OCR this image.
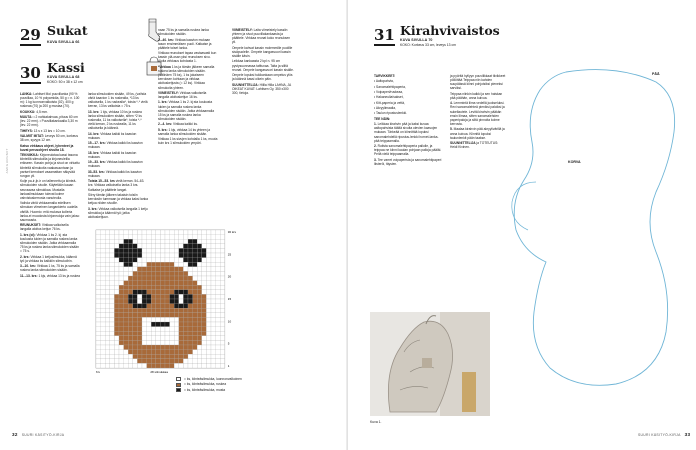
AMIGURUMIT
29 Sukat
KUVA SIVULLA 66
30 Kassi
KUVA SIVULLA 68
KOKO: 50 x 38 x 12 cm
LANKA: Lahtiset Moi puuvillanka (90 % puuvillaa, 10 % polyamidia, 50 g = n. 100 m): 1 kg luonnonvalkoista (02), 400 g ruskeaa (70) ja 200 g mustaa (70).
KOUKKU: 4,5 mm.
MUUTA: • 2 nahkakahvaa, pituus 60 cm (lev. 22 mm). • Puuvillakankaalla 3,30 m (lev. 22 mm).
TIHEYS: 13 s x 13 krs = 10 cm.
VALMIIT MITAT: Leveys 50 cm, korkeus 38 cm, syvyys 12 cm.
Katso virkkaus ohjeet, lyhenteet ja kuvat perusohjeet sivulta 18.
TEKNIIKKA: Kirjoneulotaa kassi tasona kiinteillä silmukoilla ja kirjoneuleilla erikseen. Kassin pohja ja sivut on virkattu kiinteitä silmukoita vaakasuuntaan ja pariset kerrokset vaaamattan näkyvää rungon yli.
Kulje pa-ir-jir-ir on tallennettu ja kiinteä-silmukoiden sivulle. Käytetään kauan seuraavaa silmukkaa. Mustalla lankasilmukkaan tulevat kolme vahvistuskerrosta vanuteolla.
Vaihda väriä virkkaamalla edellisen silmukan viimeinen langankierto uudella värillä. Huomio: eriä mukava kolleria lanka-ei muodosta kirjoneuloja vain jakso saumausta.
REUNUKSET: Virkkaa valkoisella langalla aloitus ketjun 76 ks.
1. krs (oi): Virkkaa 1 ks 2. kj :sta koukusta lukien ja samalla ruskea lanka silmukoiden sisään. Jatka virkkaamalla 75 ks ja ruskea lanka silmukoiden sisään = 75 s.
2. krs: Virkkaa 1 ketjusilmukka, käännä työ ja virkkaa ks kaikkiin silmukoihin.
3.–10. krs: Virkkaa 1 ks, 75 ks ja samalla ruskea lanka silmukoiden sisään.
11.–13. krs: 1 kjs, virkkaa 13 ks ja ruskea
lanka silmukoiden sisään, 49 ks, (vaihda väriä kaavion 1 ks ruskealla, *13 ks valkoisella, 1 ks ruskealla*, toista *-* vielä kerran, 13 ks valkoista = 75 s.
13. krs: 1 kjs, virkkaa 10 ks ja ruskea lanka silmukoiden sisään, sitten *2 ks ruskealla, 11 ks valkoisella*, toista *-* vielä kerran, 2 ks ruskealla, 11 ks valkoisella ja käännä.
14. krs: Virkkaa kaikki ks kaavion mukaan.
15.–17. krs: Virkkaa kaikki ks kaavion mukaan.
18. krs: Virkkaa kaikki ks kaavion mukaan.
19.–33. krs: Virkkaa kaikki ks kaavion mukaan.
33–53. krs: Virkkaa kaikki ks kaavion mukaan.
Toista 15.–53. krs vielä kerran. 54–63. krs: Virkkaa valkoisella lanka 3 krs. Katkaise ja päättele langat.
Siirry tämän jälkeen takaisin toisiin kerroksiin tummaan ja virkkaa kaksi lanka ketjua niiden sivuille.
3. krs: Virkkaa valkoisella langalla 1 ketju silmukka ja käännä työ; jatka aloitusketjuun.
naan 75 ks ja samalla ruskea lanka silmukoiden sisään.
2.–40. krs: Virkkaa kaavion mukaan tason ensimmäisen puoli. Katkaise ja päättele toiset lanka.
Virkkaa reunukset tapaa vastaavasti kun kassin ylä-osan yksi reunuksen sivu. Aloita virkkaus kohdasta 1.
*Virkkaa 1 ks ja tämän jälkeen samalla ruskea lanka silmukoiden sisään. (Välinäen 75 ks), 1 ks jokaiseen kerroksen kohtaan ja virkkaa aloitusketjusta (= 12 ks). Virkkaa silmukoita yhteen.
VIIMEISTELY: Virkkaa valkoisella langalla aloitusketjun 16 ks.
1. krs: Virkkaa 1 ks 2. kj:sta koukusta lukien ja samalla ruskea lanka silmukoiden sisään. Jatka virkkaamalla 15 ks ja samalla ruskea lanka silmukoiden sisään.
2.–4. krs: Virkkaa kaikki ks.
5. krs: 1 kjs, virkkaa 14 ks yhteen ja samalla lanka silmukoiden sisään.
Virkkaa 1 ks sivujen kohdalla 1 ks, muuta kuin krs 1 silmukoiden ympäri.
VIIMEISTELY: Laita viimeistely kassiin yhteen ja sivut puuvillakankaasta ja päättele. Virkkaa reunat koko reunuksen yli.
Ompele kahvat kassin molemmille puolille sisäpuolelle. Ompele kangasvuori kassin sisälle käsin.
Leikkaa kankaasta 2 kpl n. 95 cm pystysuunnassa taittuvaa. Taita ja silitä reunat. Ompele kangasvuori kassin sisälle.
Ompele lopuksi tukikankaan ompelus ylös ja käännä kassi oikein päin.
SUUNNITTELIJA: Hiilla Hilla LAHNA, JA OIKEAT KUVAT: Lahtisen Oy, 350 x300 300, tietoja.
30 krs
25
20
15
10
5
1
6 k	28 silmukkaa
= ks, kiinteäsilmukka, luonnonvalkoinen
= ks, kiinteäsilmukka, ruskea
= ks, kiinteäsilmukka, musta
32 SUURI KÄSITYÖ-KIRJA
31 Kirahvivaistos
KUVA SIVULLA 70
KOKO: Korkeus 33 cm, leveys 13 cm
TARVIKKEET:
• Aaltopahvia,
• Sanomalehtipaperia,
• Voipaperi/ruskeaa,
• Hakaneulia/sakset,
• Kitt-paperia ja vettä,
• Akryylimaalia,
• Taulun ripustuslenkki.
TEE NÄIN:
1. Leikkaa kirahvin pää ja kaksi kuvaa aaltopahvista täältä sivulta olevien kaavojen mukaan. Tärkeää on kiinnittää lopuksi sanomalehdellä ripustus-lenkki hornet-lanka-pää teippaamalla.
2. Rutista sanomalehtipaperia pallolle, ja teippaa ne kiinni kaulan pohjaan palloja pääläi. Peitä vielä teippaamalla.
3. Tee varret voipaperista ja sanomalehtipaperi liisteröi, täysien.
ja pyöritä hyllyyn pouvilikkaat tiivikkeet pöllöttää Teippaa niin kahden suupäässä kiinni pohjoisiksi pieneksi sarviksi.
Teippaa niinkin kaikki ja sen haiskan pää päähän, anna kuivua.
4. Lemmintä liima vedellä juokseluksi. Revi sanomalehteä pieniksi paloiksi ja sukellautele. Levitä kirahvin pääkän ensin liimaa, sitten sanomalehden paperipaloja ja siltä pinnoita kolme kerrosta.
5. Maalaa kirahvin pää akryylivärillä ja anna kuivua. Kiinnitä lopuksi taulunlenkit pään taakse.
SUUNNITTELIJA ja TOTEUTUS: Heidi Kivinen.
SUURI KÄSITYÖ-KIRJA 33
PÄÄ
KORVA
Kuva 1.
